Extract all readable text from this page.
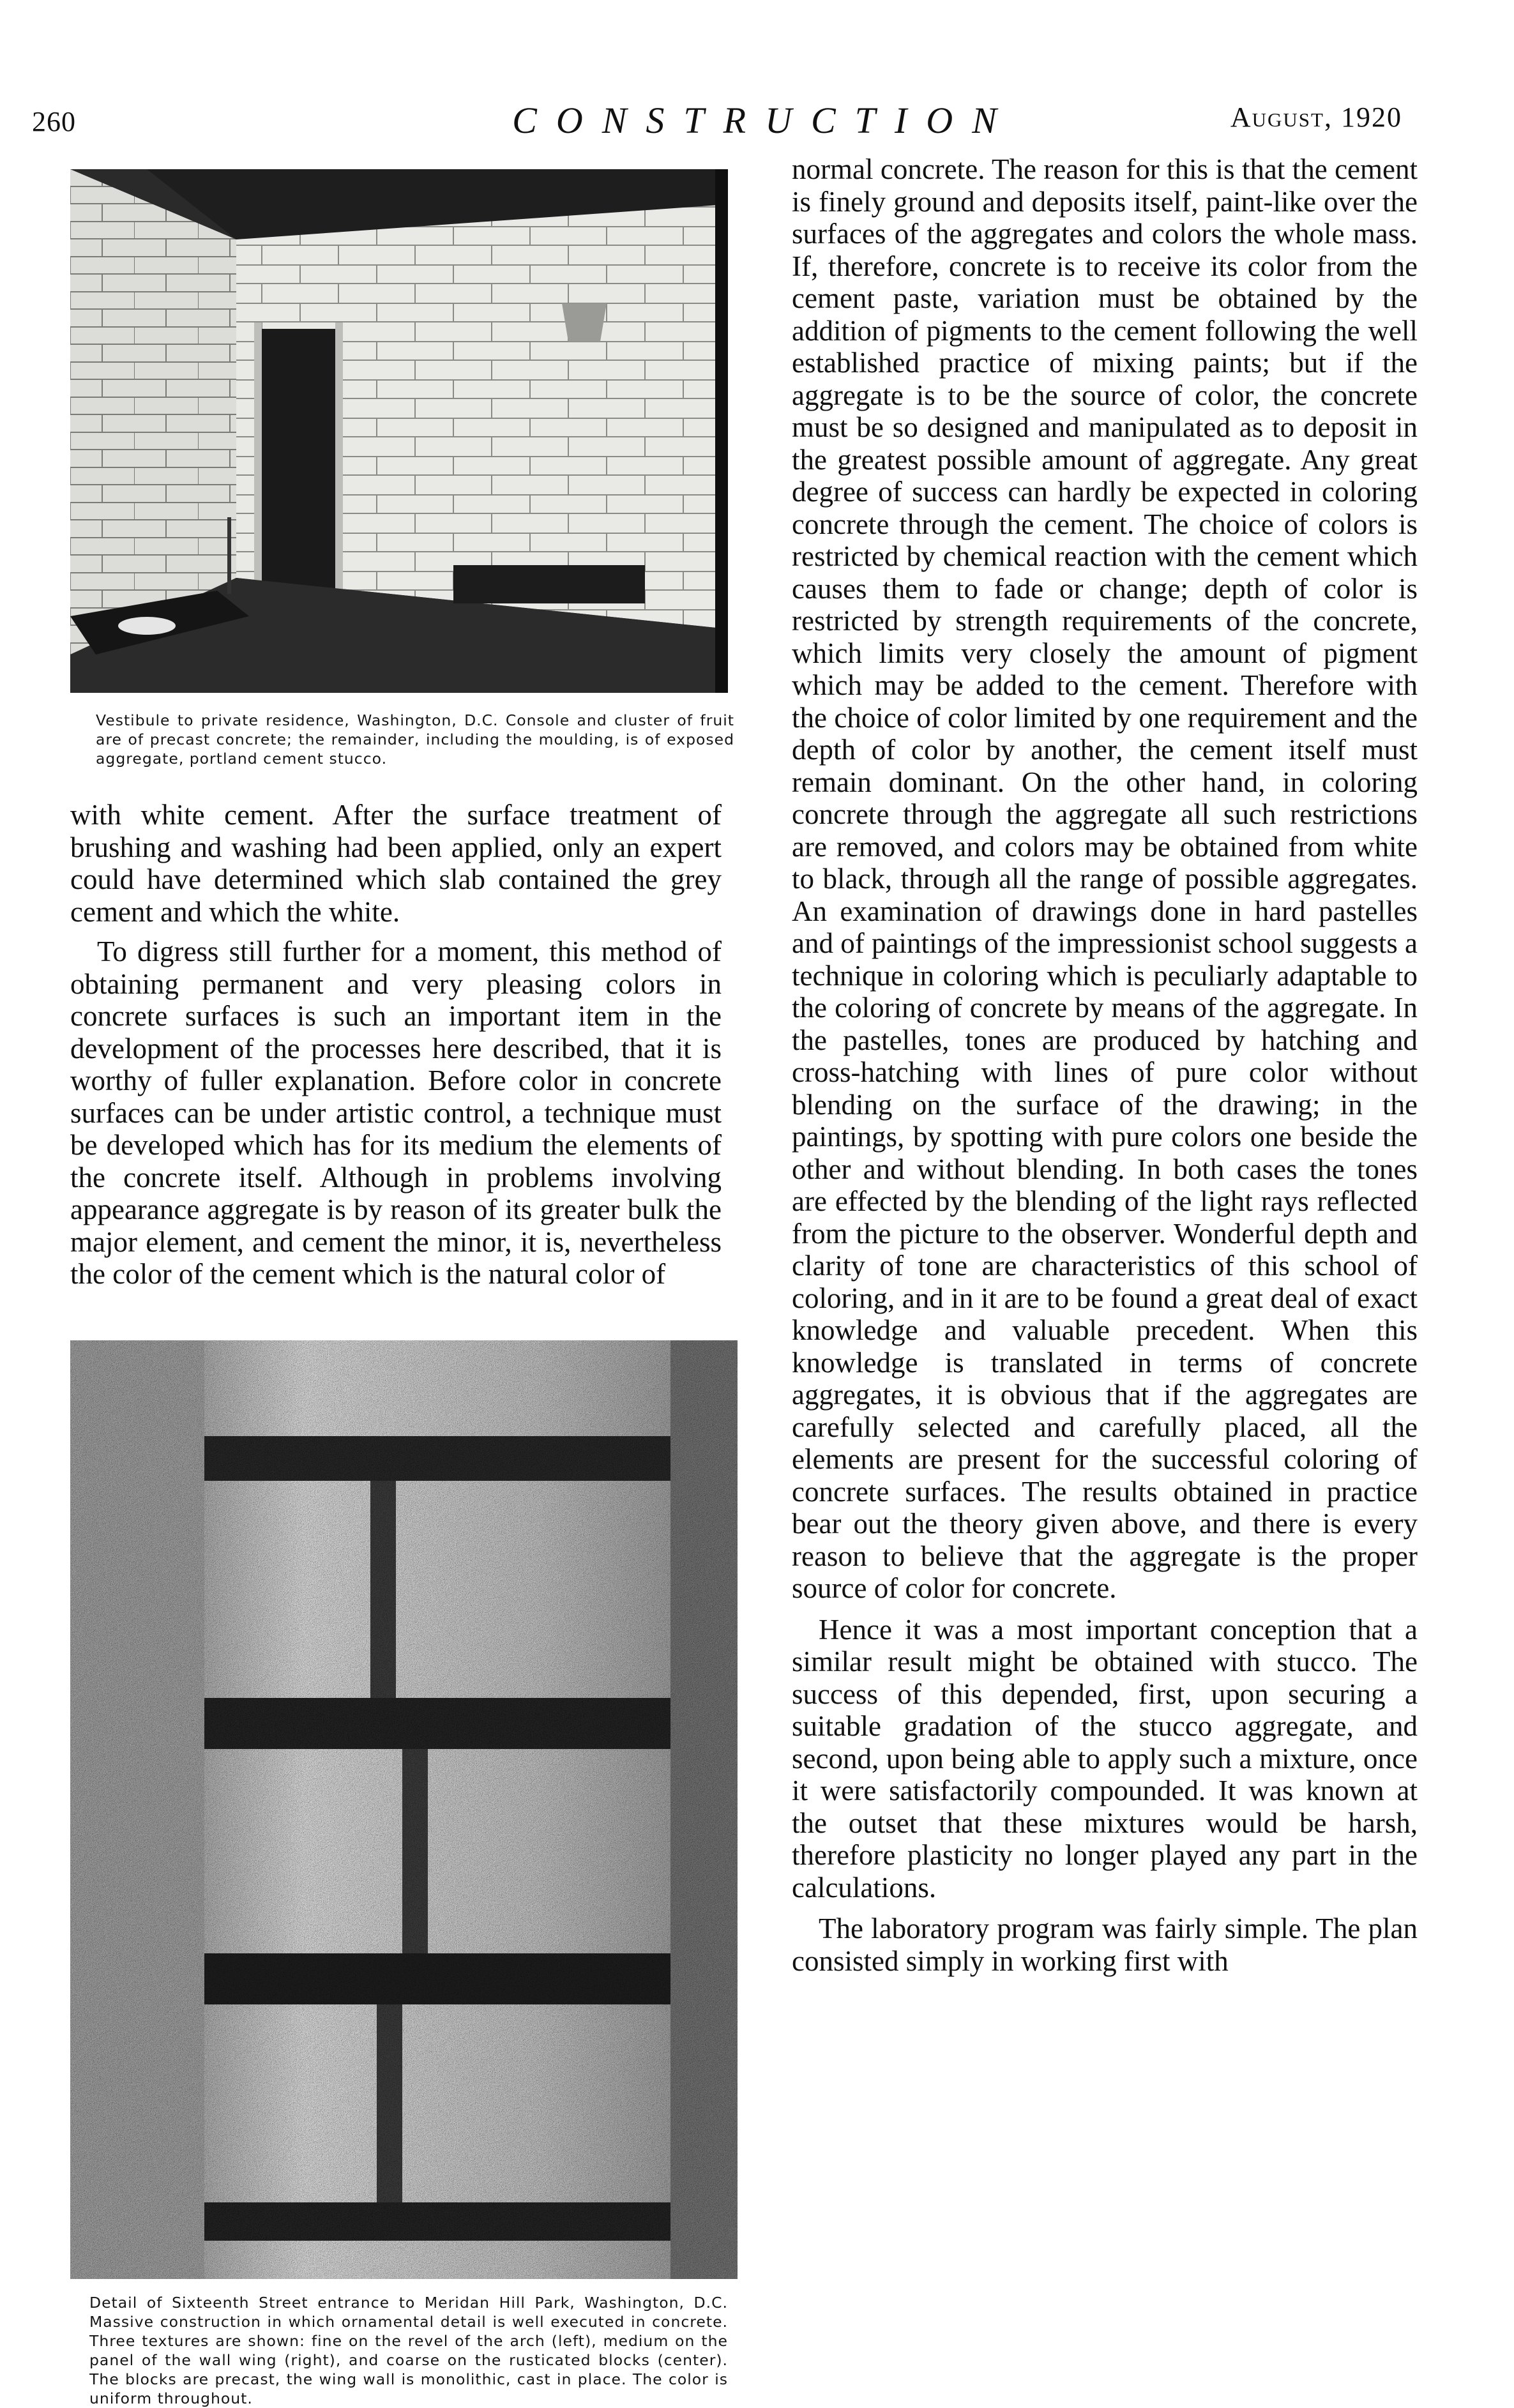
260	CONSTRUCTION	August, 1920
Vestibule to private residence, Washington, D.C. Console and cluster of fruit are of precast concrete; the remainder, including the moulding, is of exposed aggregate, portland cement stucco.

with white cement. After the surface treatment of brushing and washing had been applied, only an expert could have determined which slab contained the grey cement and which the white.

To digress still further for a moment, this method of obtaining permanent and very pleasing colors in concrete surfaces is such an important item in the development of the processes here described, that it is worthy of fuller explanation. Before color in concrete surfaces can be under artistic control, a technique must be developed which has for its medium the elements of the concrete itself. Although in problems involving appearance aggregate is by reason of its greater bulk the major element, and cement the minor, it is, nevertheless the color of the cement which is the natural color of

Detail of Sixteenth Street entrance to Meridan Hill Park, Washington, D.C. Massive construction in which ornamental detail is well executed in concrete. Three textures are shown: fine on the revel of the arch (left), medium on the panel of the wall wing (right), and coarse on the rusticated blocks (center). The blocks are precast, the wing wall is monolithic, cast in place. The color is uniform throughout.

normal concrete. The reason for this is that the cement is finely ground and deposits itself, paint-like over the surfaces of the aggregates and colors the whole mass. If, therefore, concrete is to receive its color from the cement paste, variation must be obtained by the addition of pigments to the cement following the well established practice of mixing paints; but if the aggregate is to be the source of color, the concrete must be so designed and manipulated as to deposit in the greatest possible amount of aggregate. Any great degree of success can hardly be expected in coloring concrete through the cement. The choice of colors is restricted by chemical reaction with the cement which causes them to fade or change; depth of color is restricted by strength requirements of the concrete, which limits very closely the amount of pigment which may be added to the cement. Therefore with the choice of color limited by one requirement and the depth of color by another, the cement itself must remain dominant. On the other hand, in coloring concrete through the aggregate all such restrictions are removed, and colors may be obtained from white to black, through all the range of possible aggregates. An examination of drawings done in hard pastelles and of paintings of the impressionist school suggests a technique in coloring which is peculiarly adaptable to the coloring of concrete by means of the aggregate. In the pastelles, tones are produced by hatching and cross-hatching with lines of pure color without blending on the surface of the drawing; in the paintings, by spotting with pure colors one beside the other and without blending. In both cases the tones are effected by the blending of the light rays reflected from the picture to the observer. Wonderful depth and clarity of tone are characteristics of this school of coloring, and in it are to be found a great deal of exact knowledge and valuable precedent. When this knowledge is translated in terms of concrete aggregates, it is obvious that if the aggregates are carefully selected and carefully placed, all the elements are present for the successful coloring of concrete surfaces. The results obtained in practice bear out the theory given above, and there is every reason to believe that the aggregate is the proper source of color for concrete.

Hence it was a most important conception that a similar result might be obtained with stucco. The success of this depended, first, upon securing a suitable gradation of the stucco aggregate, and second, upon being able to apply such a mixture, once it were satisfactorily compounded. It was known at the outset that these mixtures would be harsh, therefore plasticity no longer played any part in the calculations.

The laboratory program was fairly simple. The plan consisted simply in working first with
